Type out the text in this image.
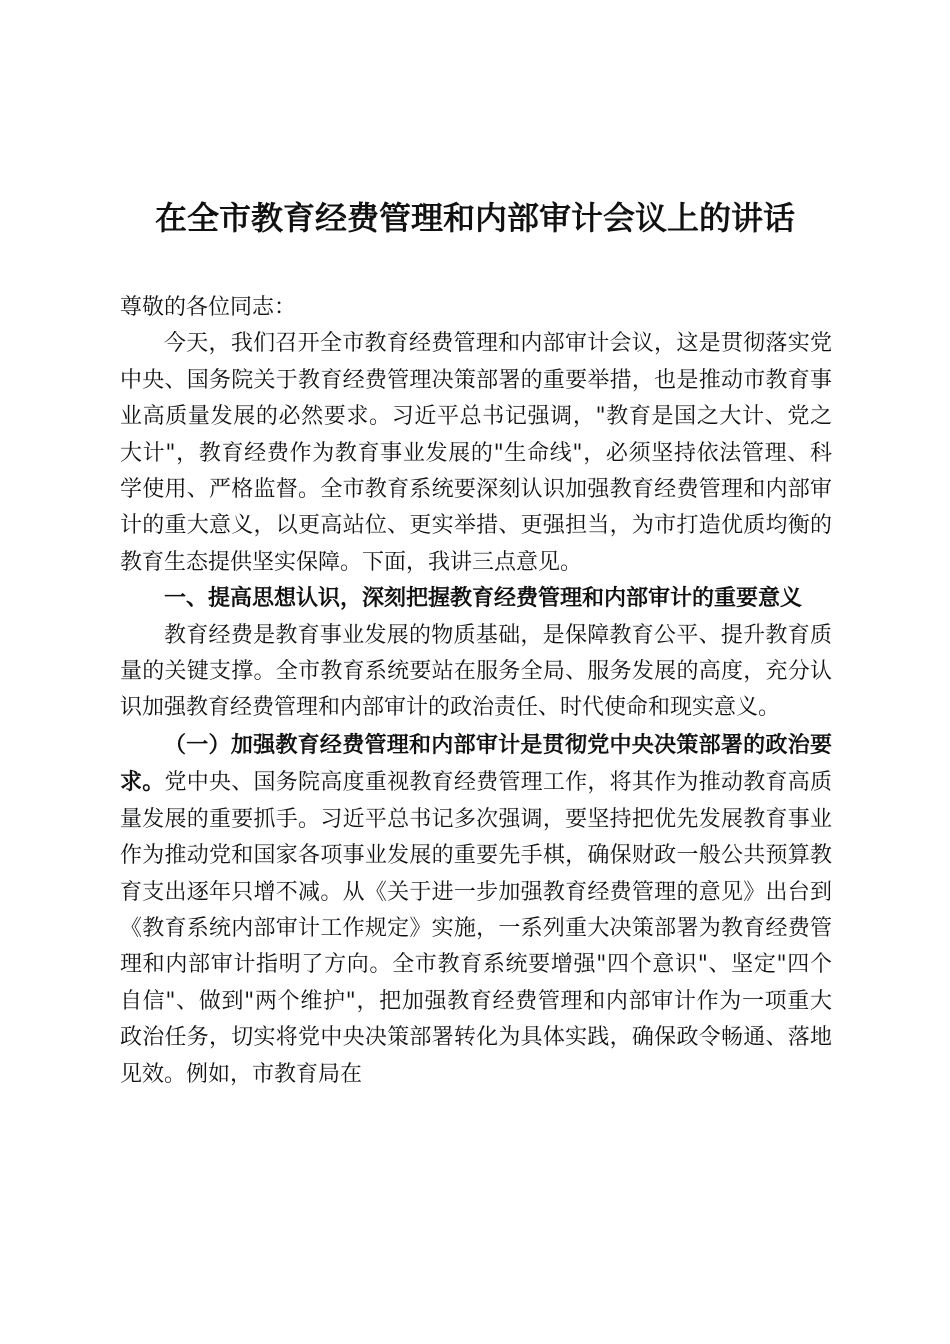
在全市教育经费管理和内部审计会议上的讲话

尊敬的各位同志：

今天，我们召开全市教育经费管理和内部审计会议，这是贯彻落实党中央、国务院关于教育经费管理决策部署的重要举措，也是推动市教育事业高质量发展的必然要求。习近平总书记强调，"教育是国之大计、党之大计"，教育经费作为教育事业发展的"生命线"，必须坚持依法管理、科学使用、严格监督。全市教育系统要深刻认识加强教育经费管理和内部审计的重大意义，以更高站位、更实举措、更强担当，为市打造优质均衡的教育生态提供坚实保障。下面，我讲三点意见。

一、提高思想认识，深刻把握教育经费管理和内部审计的重要意义

教育经费是教育事业发展的物质基础，是保障教育公平、提升教育质量的关键支撑。全市教育系统要站在服务全局、服务发展的高度，充分认识加强教育经费管理和内部审计的政治责任、时代使命和现实意义。

（一）加强教育经费管理和内部审计是贯彻党中央决策部署的政治要求。党中央、国务院高度重视教育经费管理工作，将其作为推动教育高质量发展的重要抓手。习近平总书记多次强调，要坚持把优先发展教育事业作为推动党和国家各项事业发展的重要先手棋，确保财政一般公共预算教育支出逐年只增不减。从《关于进一步加强教育经费管理的意见》出台到《教育系统内部审计工作规定》实施，一系列重大决策部署为教育经费管理和内部审计指明了方向。全市教育系统要增强"四个意识"、坚定"四个自信"、做到"两个维护"，把加强教育经费管理和内部审计作为一项重大政治任务，切实将党中央决策部署转化为具体实践，确保政令畅通、落地见效。例如，市教育局在
